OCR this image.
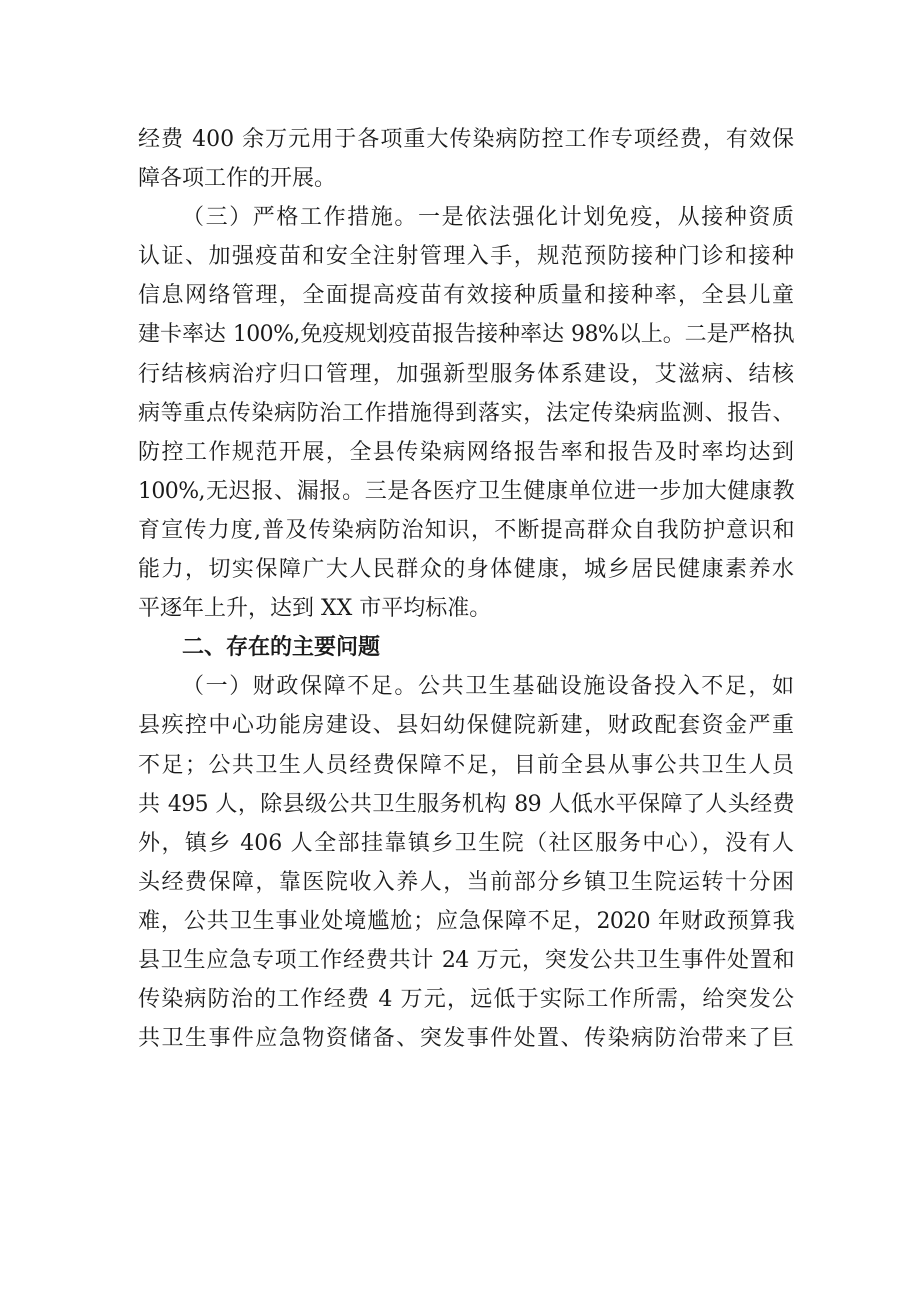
经费 400 余万元用于各项重大传染病防控工作专项经费，有效保
障各项工作的开展。
（三）严格工作措施。一是依法强化计划免疫，从接种资质
认证、加强疫苗和安全注射管理入手，规范预防接种门诊和接种
信息网络管理，全面提高疫苗有效接种质量和接种率，全县儿童
建卡率达 100%,免疫规划疫苗报告接种率达 98%以上。二是严格执
行结核病治疗归口管理，加强新型服务体系建设，艾滋病、结核
病等重点传染病防治工作措施得到落实，法定传染病监测、报告、
防控工作规范开展，全县传染病网络报告率和报告及时率均达到
100%,无迟报、漏报。三是各医疗卫生健康单位进一步加大健康教
育宣传力度,普及传染病防治知识，不断提高群众自我防护意识和
能力，切实保障广大人民群众的身体健康，城乡居民健康素养水
平逐年上升，达到 XX 市平均标准。
二、存在的主要问题
（一）财政保障不足。公共卫生基础设施设备投入不足，如
县疾控中心功能房建设、县妇幼保健院新建，财政配套资金严重
不足；公共卫生人员经费保障不足，目前全县从事公共卫生人员
共 495 人，除县级公共卫生服务机构 89 人低水平保障了人头经费
外，镇乡 406 人全部挂靠镇乡卫生院（社区服务中心），没有人
头经费保障，靠医院收入养人，当前部分乡镇卫生院运转十分困
难，公共卫生事业处境尴尬；应急保障不足，2020 年财政预算我
县卫生应急专项工作经费共计 24 万元，突发公共卫生事件处置和
传染病防治的工作经费 4 万元，远低于实际工作所需，给突发公
共卫生事件应急物资储备、突发事件处置、传染病防治带来了巨
